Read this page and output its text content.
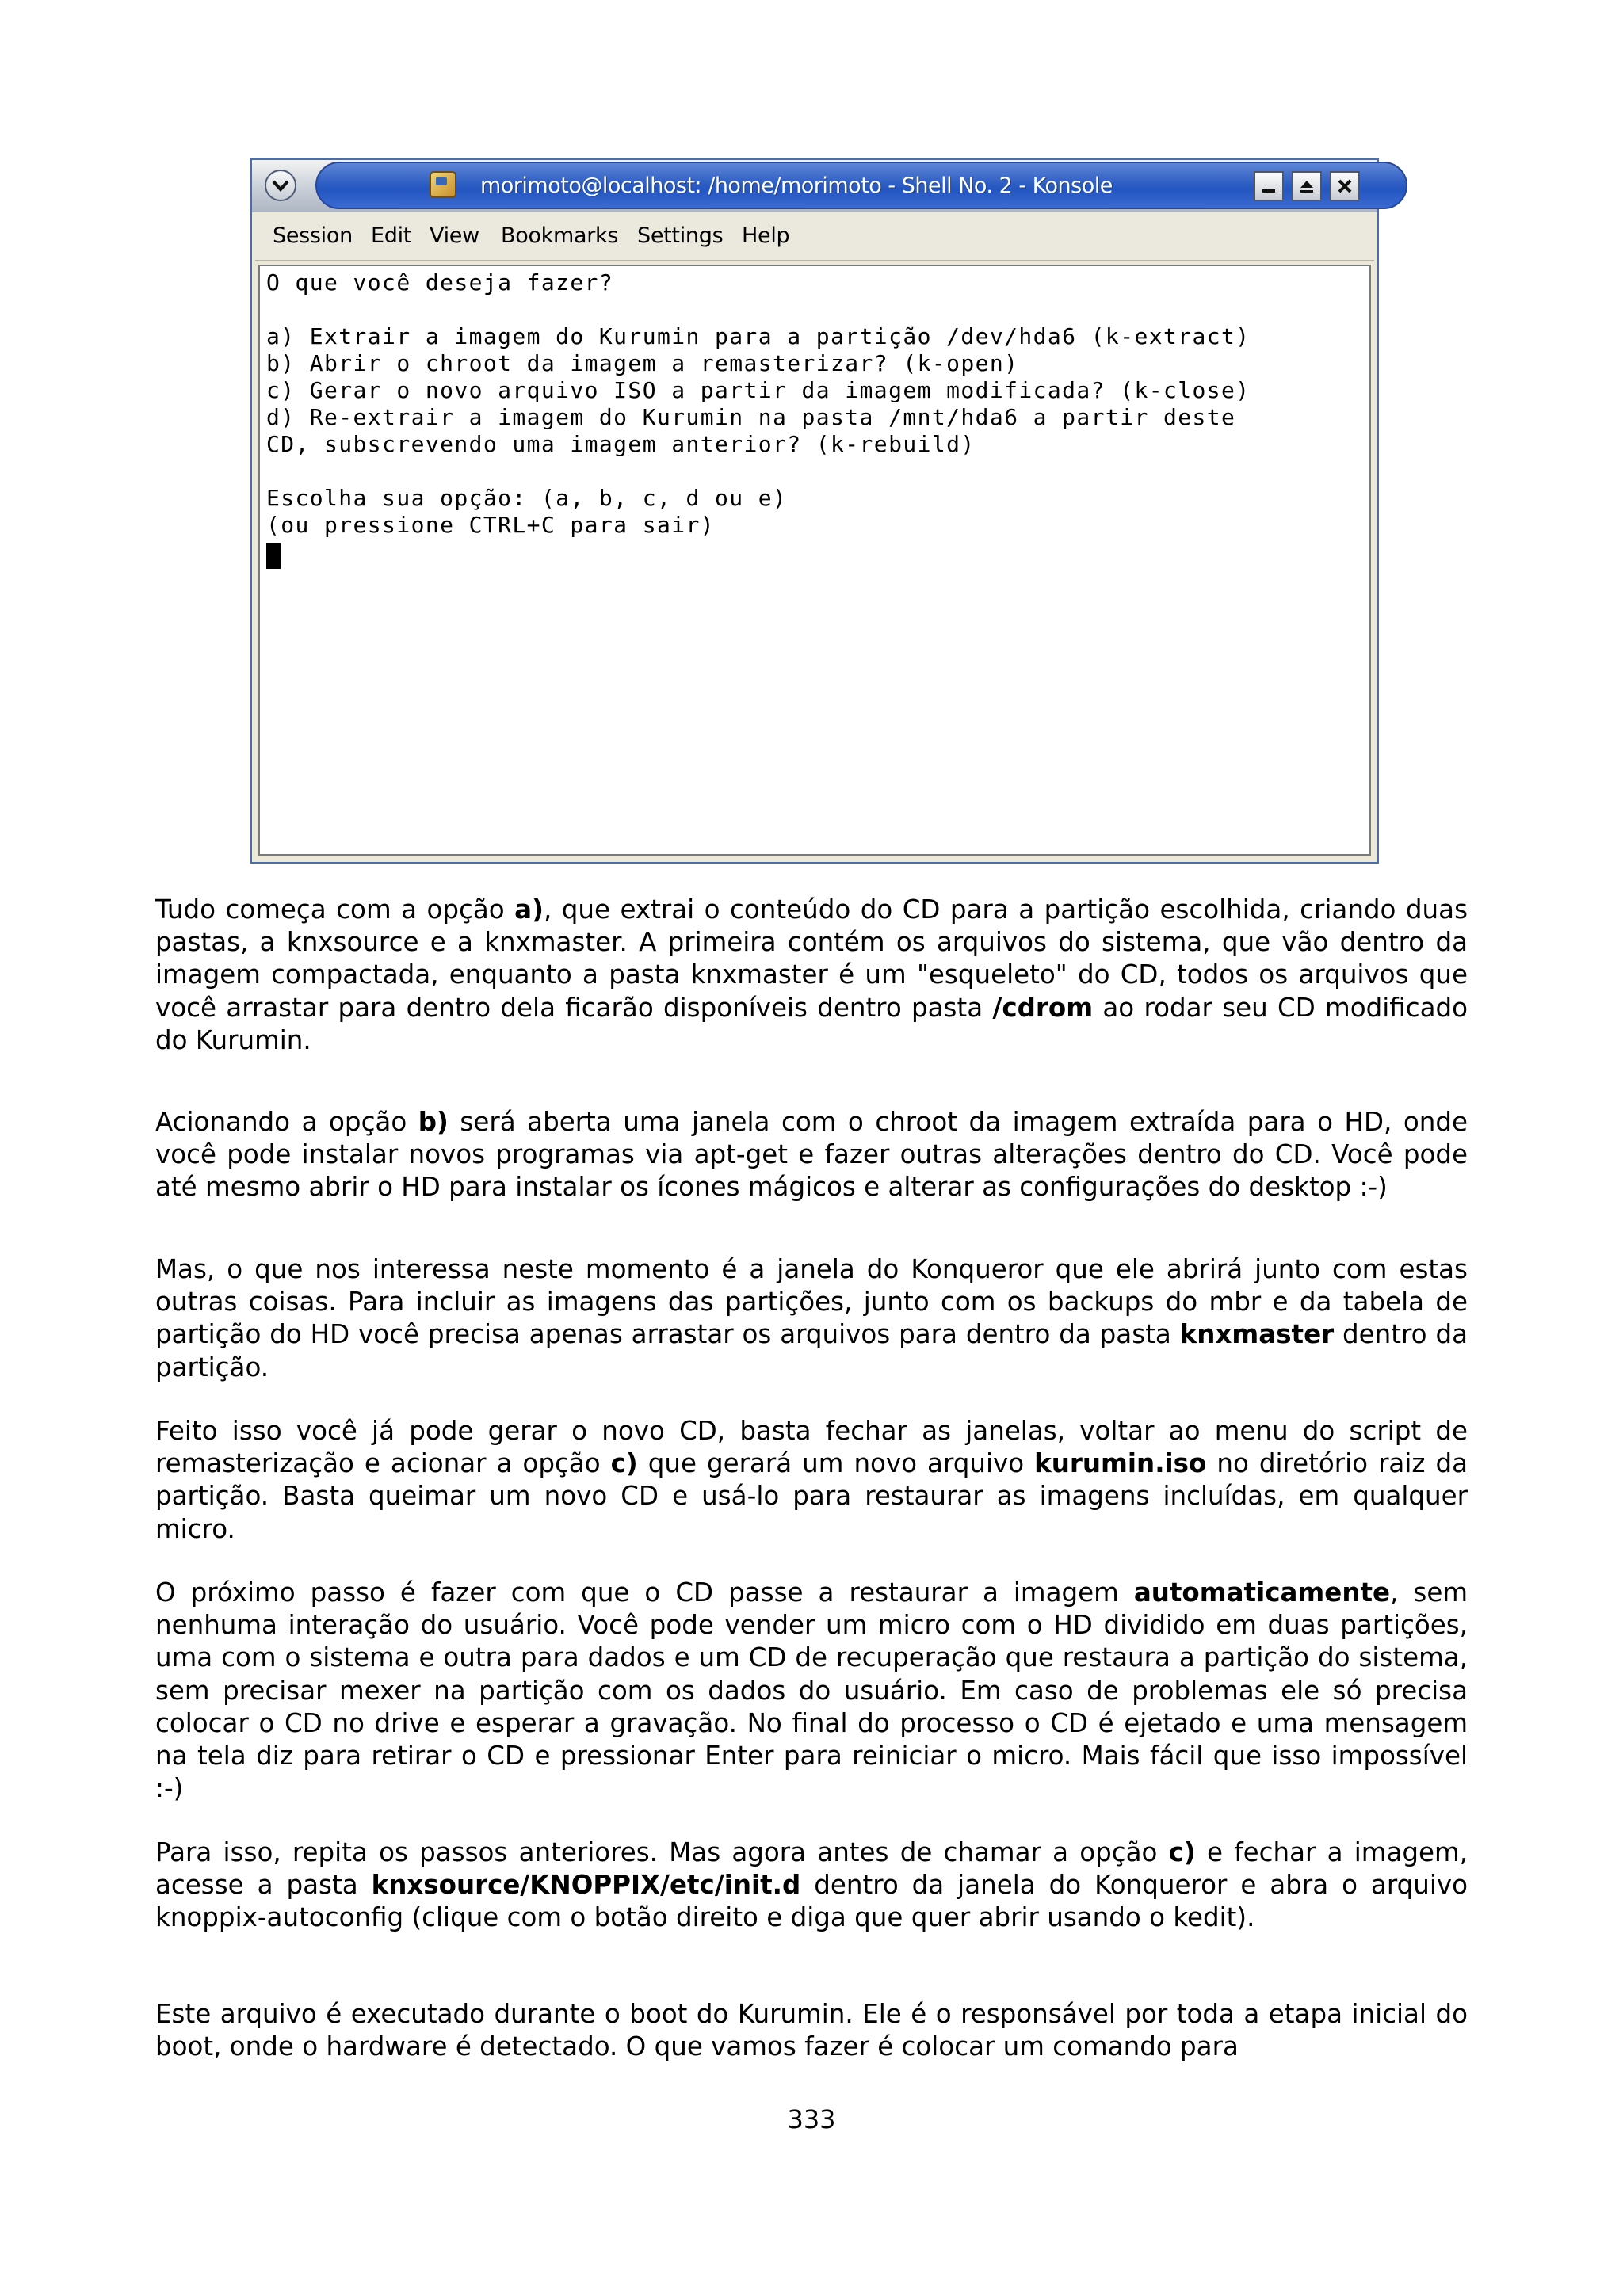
morimoto@localhost: /home/morimoto - Shell No. 2 - Konsole
Session Edit View Bookmarks Settings Help
O que você deseja fazer?
a) Extrair a imagem do Kurumin para a partição /dev/hda6 (k-extract)
b) Abrir o chroot da imagem a remasterizar? (k-open)
c) Gerar o novo arquivo ISO a partir da imagem modificada? (k-close)
d) Re-extrair a imagem do Kurumin na pasta /mnt/hda6 a partir deste
CD, subscrevendo uma imagem anterior? (k-rebuild)
Escolha sua opção: (a, b, c, d ou e)
(ou pressione CTRL+C para sair)
Tudo começa com a opção a), que extrai o conteúdo do CD para a partição escolhida, criando duas pastas, a knxsource e a knxmaster. A primeira contém os arquivos do sistema, que vão dentro da imagem compactada, enquanto a pasta knxmaster é um "esqueleto" do CD, todos os arquivos que você arrastar para dentro dela ficarão disponíveis dentro pasta /cdrom ao rodar seu CD modificado do Kurumin.
Acionando a opção b) será aberta uma janela com o chroot da imagem extraída para o HD, onde você pode instalar novos programas via apt-get e fazer outras alterações dentro do CD. Você pode até mesmo abrir o HD para instalar os ícones mágicos e alterar as configurações do desktop :-)
Mas, o que nos interessa neste momento é a janela do Konqueror que ele abrirá junto com estas outras coisas. Para incluir as imagens das partições, junto com os backups do mbr e da tabela de partição do HD você precisa apenas arrastar os arquivos para dentro da pasta knxmaster dentro da partição.
Feito isso você já pode gerar o novo CD, basta fechar as janelas, voltar ao menu do script de remasterização e acionar a opção c) que gerará um novo arquivo kurumin.iso no diretório raiz da partição. Basta queimar um novo CD e usá-lo para restaurar as imagens incluídas, em qualquer micro.
O próximo passo é fazer com que o CD passe a restaurar a imagem automaticamente, sem nenhuma interação do usuário. Você pode vender um micro com o HD dividido em duas partições, uma com o sistema e outra para dados e um CD de recuperação que restaura a partição do sistema, sem precisar mexer na partição com os dados do usuário. Em caso de problemas ele só precisa colocar o CD no drive e esperar a gravação. No final do processo o CD é ejetado e uma mensagem na tela diz para retirar o CD e pressionar Enter para reiniciar o micro. Mais fácil que isso impossível :-)
Para isso, repita os passos anteriores. Mas agora antes de chamar a opção c) e fechar a imagem, acesse a pasta knxsource/KNOPPIX/etc/init.d dentro da janela do Konqueror e abra o arquivo knoppix-autoconfig (clique com o botão direito e diga que quer abrir usando o kedit).
Este arquivo é executado durante o boot do Kurumin. Ele é o responsável por toda a etapa inicial do boot, onde o hardware é detectado. O que vamos fazer é colocar um comando para
333
